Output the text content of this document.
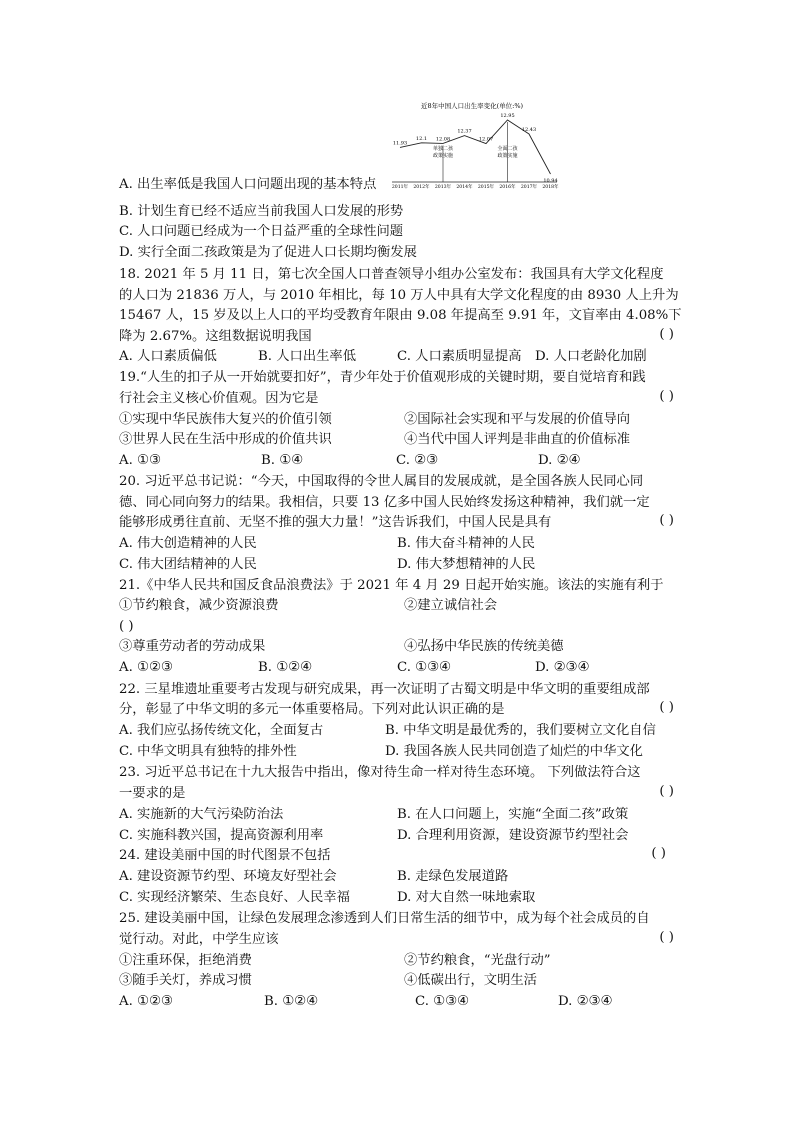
近8年中国人口出生率变化(单位:%)
11.93
12.1 12.08
12.37
12.07
12.95
12.43
10.94
2011年 2012年 2013年 2014年 2015年 2016年 2017年 2018年
单独二孩
政策实施
全面二孩
政策实施
A. 出生率低是我国人口问题出现的基本特点
B. 计划生育已经不适应当前我国人口发展的形势
C. 人口问题已经成为一个日益严重的全球性问题
D. 实行全面二孩政策是为了促进人口长期均衡发展
18. 2021 年 5 月 11 日，第七次全国人口普查领导小组办公室发布：我国具有大学文化程度
的人口为 21836 万人，与 2010 年相比，每 10 万人中具有大学文化程度的由 8930 人上升为
15467 人，15 岁及以上人口的平均受教育年限由 9.08 年提高至 9.91 年，文盲率由 4.08%下
降为 2.67%。这组数据说明我国	( )
A. 人口素质偏低	B. 人口出生率低	C. 人口素质明显提高 D. 人口老龄化加剧
19.“人生的扣子从一开始就要扣好”，青少年处于价值观形成的关键时期，要自觉培育和践
行社会主义核心价值观。因为它是	( )
①实现中华民族伟大复兴的价值引领	②国际社会实现和平与发展的价值导向
③世界人民在生活中形成的价值共识	④当代中国人评判是非曲直的价值标准
A. ①③	B. ①④	C. ②③	D. ②④
20. 习近平总书记说：“今天，中国取得的令世人属目的发展成就，是全国各族人民同心同
德、同心同向努力的结果。我相信，只要 13 亿多中国人民始终发扬这种精神，我们就一定
能够形成勇往直前、无坚不推的强大力量！”这告诉我们，中国人民是具有	( )
A. 伟大创造精神的人民	B. 伟大奋斗精神的人民
C. 伟大团结精神的人民	D. 伟大梦想精神的人民
21.《中华人民共和国反食品浪费法》于 2021 年 4 月 29 日起开始实施。该法的实施有利于
①节约粮食，减少资源浪费	②建立诚信社会
( )
③尊重劳动者的劳动成果	④弘扬中华民族的传统美德
A. ①②③	B. ①②④	C. ①③④	D. ②③④
22. 三星堆遗址重要考古发现与研究成果，再一次证明了古蜀文明是中华文明的重要组成部
分，彰显了中华文明的多元一体重要格局。下列对此认识正确的是	( )
A. 我们应弘扬传统文化，全面复古	B. 中华文明是最优秀的，我们要树立文化自信
C. 中华文明具有独特的排外性	D. 我国各族人民共同创造了灿烂的中华文化
23. 习近平总书记在十九大报告中指出，像对待生命一样对待生态环境。 下列做法符合这
一要求的是	( )
A. 实施新的大气污染防治法	B. 在人口问题上，实施“全面二孩”政策
C. 实施科教兴国，提高资源利用率	D. 合理利用资源，建设资源节约型社会
24. 建设美丽中国的时代图景不包括	( )
A. 建设资源节约型、环境友好型社会	B. 走绿色发展道路
C. 实现经济繁荣、生态良好、人民幸福	D. 对大自然一味地索取
25. 建设美丽中国，让绿色发展理念渗透到人们日常生活的细节中，成为每个社会成员的自
觉行动。对此，中学生应该	( )
①注重环保，拒绝消费	②节约粮食，“光盘行动”
③随手关灯，养成习惯	④低碳出行，文明生活
A. ①②③	B. ①②④	C. ①③④	D. ②③④
